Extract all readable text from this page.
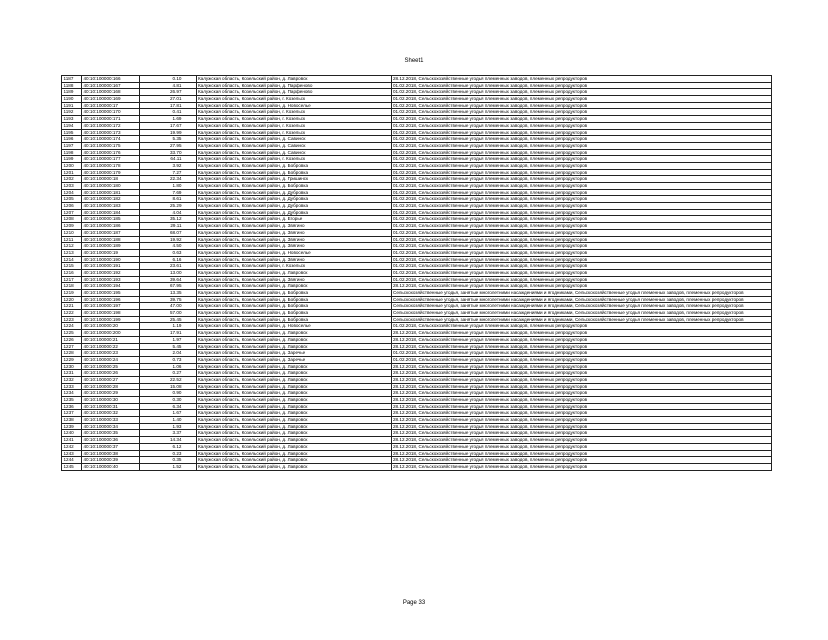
Sheet1
1187	40:10:100000:166	0.10	Калужская область, Козельский район, д. Лавровск	28.12.2018, Сельскохозяйственные угодья племенных заводов, племенных репродукторов
1188	40:10:100000:167	4.81	Калужская область, Козельский район, д. Парфеново	01.02.2018, Сельскохозяйственные угодья племенных заводов, племенных репродукторов
1189	40:10:100000:168	26.97	Калужская область, Козельский район, д. Парфеново	01.02.2018, Сельскохозяйственные угодья племенных заводов, племенных репродукторов
1190	40:10:100000:169	27.01	Калужская область, Козельский район, г. Козельск	01.02.2018, Сельскохозяйственные угодья племенных заводов, племенных репродукторов
1191	40:10:100000:17	17.81	Калужская область, Козельский район, д. Новоселье	01.02.2018, Сельскохозяйственные угодья племенных заводов, племенных репродукторов
1192	40:10:100000:170	0.41	Калужская область, Козельский район, г. Козельск	01.02.2018, Сельскохозяйственные угодья племенных заводов, племенных репродукторов
1193	40:10:100000:171	1.69	Калужская область, Козельский район, г. Козельск	01.02.2018, Сельскохозяйственные угодья племенных заводов, племенных репродукторов
1194	40:10:100000:172	17.67	Калужская область, Козельский район, г. Козельск	01.02.2018, Сельскохозяйственные угодья племенных заводов, племенных репродукторов
1195	40:10:100000:173	19.99	Калужская область, Козельский район, г. Козельск	01.02.2018, Сельскохозяйственные угодья племенных заводов, племенных репродукторов
1196	40:10:100000:174	5.35	Калужская область, Козельский район, д. Савинск	01.02.2018, Сельскохозяйственные угодья племенных заводов, племенных репродукторов
1197	40:10:100000:175	27.95	Калужская область, Козельский район, д. Савинск	01.02.2018, Сельскохозяйственные угодья племенных заводов, племенных репродукторов
1198	40:10:100000:176	33.70	Калужская область, Козельский район, д. Савинск	01.02.2018, Сельскохозяйственные угодья племенных заводов, племенных репродукторов
1199	40:10:100000:177	64.11	Калужская область, Козельский район, г. Козельск	01.02.2018, Сельскохозяйственные угодья племенных заводов, племенных репродукторов
1200	40:10:100000:178	3.92	Калужская область, Козельский район, д. Бобровка	01.02.2018, Сельскохозяйственные угодья племенных заводов, племенных репродукторов
1201	40:10:100000:179	7.27	Калужская область, Козельский район, д. Бобровка	01.02.2018, Сельскохозяйственные угодья племенных заводов, племенных репродукторов
1202	40:10:100000:18	22.34	Калужская область, Козельский район, д. Гришинск	01.02.2018, Сельскохозяйственные угодья племенных заводов, племенных репродукторов
1203	40:10:100000:180	1.80	Калужская область, Козельский район, д. Бобровка	01.02.2018, Сельскохозяйственные угодья племенных заводов, племенных репродукторов
1204	40:10:100000:181	7.69	Калужская область, Козельский район, д. Дубровка	01.02.2018, Сельскохозяйственные угодья племенных заводов, племенных репродукторов
1205	40:10:100000:182	8.61	Калужская область, Козельский район, д. Дубровка	01.02.2018, Сельскохозяйственные угодья племенных заводов, племенных репродукторов
1206	40:10:100000:183	25.29	Калужская область, Козельский район, д. Дубровка	01.02.2018, Сельскохозяйственные угодья племенных заводов, племенных репродукторов
1207	40:10:100000:184	4.04	Калужская область, Козельский район, д. Дубровка	01.02.2018, Сельскохозяйственные угодья племенных заводов, племенных репродукторов
1208	40:10:100000:185	35.12	Калужская область, Козельский район, д. Егорье	01.02.2018, Сельскохозяйственные угодья племенных заводов, племенных репродукторов
1209	40:10:100000:186	29.11	Калужская область, Козельский район, д. Звягино	01.02.2018, Сельскохозяйственные угодья племенных заводов, племенных репродукторов
1210	40:10:100000:187	68.07	Калужская область, Козельский район, д. Звягино	01.02.2018, Сельскохозяйственные угодья племенных заводов, племенных репродукторов
1211	40:10:100000:188	19.92	Калужская область, Козельский район, д. Звягино	01.02.2018, Сельскохозяйственные угодья племенных заводов, племенных репродукторов
1212	40:10:100000:189	4.50	Калужская область, Козельский район, д. Звягино	01.02.2018, Сельскохозяйственные угодья племенных заводов, племенных репродукторов
1213	40:10:100000:19	0.63	Калужская область, Козельский район, д. Новоселье	01.02.2018, Сельскохозяйственные угодья племенных заводов, племенных репродукторов
1214	40:10:100000:190	6.16	Калужская область, Козельский район, д. Звягино	01.02.2018, Сельскохозяйственные угодья племенных заводов, племенных репродукторов
1215	40:10:100000:191	23.61	Калужская область, Козельский район, г. Козельск	01.02.2018, Сельскохозяйственные угодья племенных заводов, племенных репродукторов
1216	40:10:100000:192	13.00	Калужская область, Козельский район, д. Лавровск	01.02.2018, Сельскохозяйственные угодья племенных заводов, племенных репродукторов
1217	40:10:100000:193	39.64	Калужская область, Козельский район, д. Звягино	01.02.2018, Сельскохозяйственные угодья племенных заводов, племенных репродукторов
1218	40:10:100000:194	67.95	Калужская область, Козельский район, д. Лавровск	28.12.2018, Сельскохозяйственные угодья племенных заводов, племенных репродукторов
1219	40:10:100000:195	13.35	Калужская область, Козельский район, д. Бобровка	Сельскохозяйственные угодья, занятые многолетними насаждениями и ягодниками, Сельскохозяйственные угодья племенных заводов, племенных репродукторов
1220	40:10:100000:196	39.75	Калужская область, Козельский район, д. Бобровка	Сельскохозяйственные угодья, занятые многолетними насаждениями и ягодниками, Сельскохозяйственные угодья племенных заводов, племенных репродукторов
1221	40:10:100000:197	47.00	Калужская область, Козельский район, д. Бобровка	Сельскохозяйственные угодья, занятые многолетними насаждениями и ягодниками, Сельскохозяйственные угодья племенных заводов, племенных репродукторов
1222	40:10:100000:198	57.00	Калужская область, Козельский район, д. Бобровка	Сельскохозяйственные угодья, занятые многолетними насаждениями и ягодниками, Сельскохозяйственные угодья племенных заводов, племенных репродукторов
1223	40:10:100000:199	25.45	Калужская область, Козельский район, д. Бобровка	Сельскохозяйственные угодья, занятые многолетними насаждениями и ягодниками, Сельскохозяйственные угодья племенных заводов, племенных репродукторов
1224	40:10:100000:20	1.19	Калужская область, Козельский район, д. Новоселье	01.02.2018, Сельскохозяйственные угодья племенных заводов, племенных репродукторов
1225	40:10:100000:200	17.91	Калужская область, Козельский район, д. Лавровск	28.12.2018, Сельскохозяйственные угодья племенных заводов, племенных репродукторов
1226	40:10:100000:21	1.97	Калужская область, Козельский район, д. Лавровск	28.12.2018, Сельскохозяйственные угодья племенных заводов, племенных репродукторов
1227	40:10:100000:22	5.45	Калужская область, Козельский район, д. Лавровск	28.12.2018, Сельскохозяйственные угодья племенных заводов, племенных репродукторов
1228	40:10:100000:23	2.04	Калужская область, Козельский район, д. Заречье	01.02.2018, Сельскохозяйственные угодья племенных заводов, племенных репродукторов
1229	40:10:100000:24	0.73	Калужская область, Козельский район, д. Заречье	01.02.2018, Сельскохозяйственные угодья племенных заводов, племенных репродукторов
1230	40:10:100000:25	1.06	Калужская область, Козельский район, д. Лавровск	28.12.2018, Сельскохозяйственные угодья племенных заводов, племенных репродукторов
1231	40:10:100000:26	0.27	Калужская область, Козельский район, д. Лавровск	28.12.2018, Сельскохозяйственные угодья племенных заводов, племенных репродукторов
1232	40:10:100000:27	22.52	Калужская область, Козельский район, д. Лавровск	28.12.2018, Сельскохозяйственные угодья племенных заводов, племенных репродукторов
1233	40:10:100000:28	15.08	Калужская область, Козельский район, д. Лавровск	28.12.2018, Сельскохозяйственные угодья племенных заводов, племенных репродукторов
1234	40:10:100000:29	0.90	Калужская область, Козельский район, д. Лавровск	28.12.2018, Сельскохозяйственные угодья племенных заводов, племенных репродукторов
1235	40:10:100000:30	0.30	Калужская область, Козельский район, д. Лавровск	28.12.2018, Сельскохозяйственные угодья племенных заводов, племенных репродукторов
1236	40:10:100000:31	6.34	Калужская область, Козельский район, д. Лавровск	28.12.2018, Сельскохозяйственные угодья племенных заводов, племенных репродукторов
1237	40:10:100000:32	1.67	Калужская область, Козельский район, д. Лавровск	28.12.2018, Сельскохозяйственные угодья племенных заводов, племенных репродукторов
1238	40:10:100000:33	1.40	Калужская область, Козельский район, д. Лавровск	28.12.2018, Сельскохозяйственные угодья племенных заводов, племенных репродукторов
1239	40:10:100000:34	1.93	Калужская область, Козельский район, д. Лавровск	28.12.2018, Сельскохозяйственные угодья племенных заводов, племенных репродукторов
1240	40:10:100000:35	3.37	Калужская область, Козельский район, д. Лавровск	28.12.2018, Сельскохозяйственные угодья племенных заводов, племенных репродукторов
1241	40:10:100000:36	14.34	Калужская область, Козельский район, д. Лавровск	28.12.2018, Сельскохозяйственные угодья племенных заводов, племенных репродукторов
1242	40:10:100000:37	6.12	Калужская область, Козельский район, д. Лавровск	28.12.2018, Сельскохозяйственные угодья племенных заводов, племенных репродукторов
1243	40:10:100000:38	0.23	Калужская область, Козельский район, д. Лавровск	28.12.2018, Сельскохозяйственные угодья племенных заводов, племенных репродукторов
1244	40:10:100000:39	0.35	Калужская область, Козельский район, д. Лавровск	28.12.2018, Сельскохозяйственные угодья племенных заводов, племенных репродукторов
1245	40:10:100000:40	1.52	Калужская область, Козельский район, д. Лавровск	28.12.2018, Сельскохозяйственные угодья племенных заводов, племенных репродукторов
Page 33
